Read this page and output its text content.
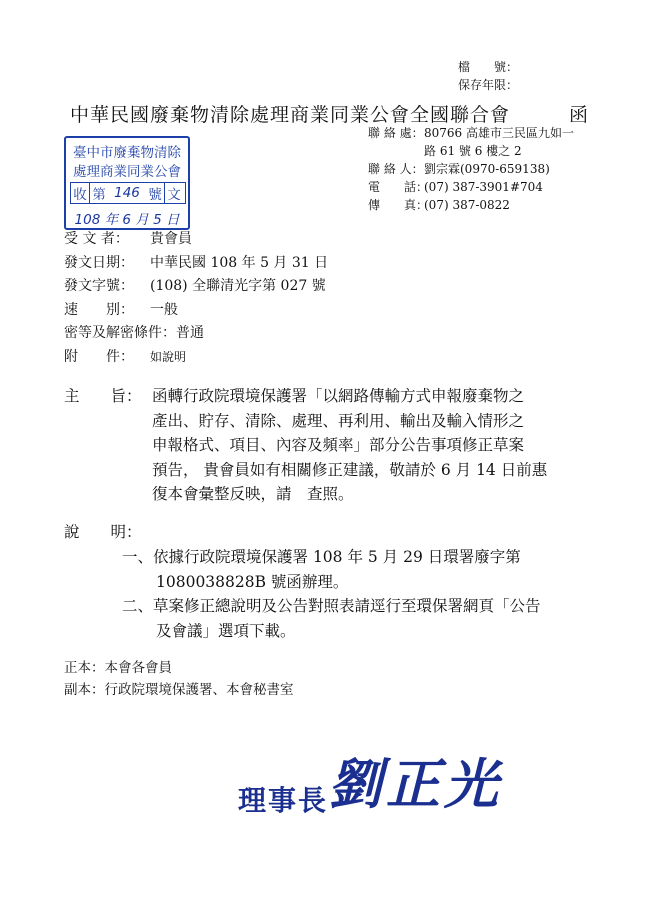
檔　　號：
保存年限：
中華民國廢棄物清除處理商業同業公會全國聯合會	函
聯 絡 處：80766 高雄市三民區九如一
路 61 號 6 樓之 2
聯 絡 人：劉宗霖(0970-659138)
電　　話：(07) 387-3901#704
傳　　真：(07) 387-0822
臺中市廢棄物清除
處理商業同業公會
收 第 146 號 文
108 年 6 月 5 日
受 文 者： 貴會員
發文日期： 中華民國 108 年 5 月 31 日
發文字號： (108) 全聯清光字第 027 號
速　　別： 一般
密等及解密條件：普通
附　　件： 如說明
主　　旨： 函轉行政院環境保護署「以網路傳輸方式申報廢棄物之
產出、貯存、清除、處理、再利用、輸出及輸入情形之
申報格式、項目、內容及頻率」部分公告事項修正草案
預告， 貴會員如有相關修正建議，敬請於 6 月 14 日前惠
復本會彙整反映，請　查照。
說　　明：
一、依據行政院環境保護署 108 年 5 月 29 日環署廢字第
1080038828B 號函辦理。
二、草案修正總說明及公告對照表請逕行至環保署網頁「公告
及會議」選項下載。
正本：本會各會員
副本：行政院環境保護署、本會秘書室
理事長劉正光
